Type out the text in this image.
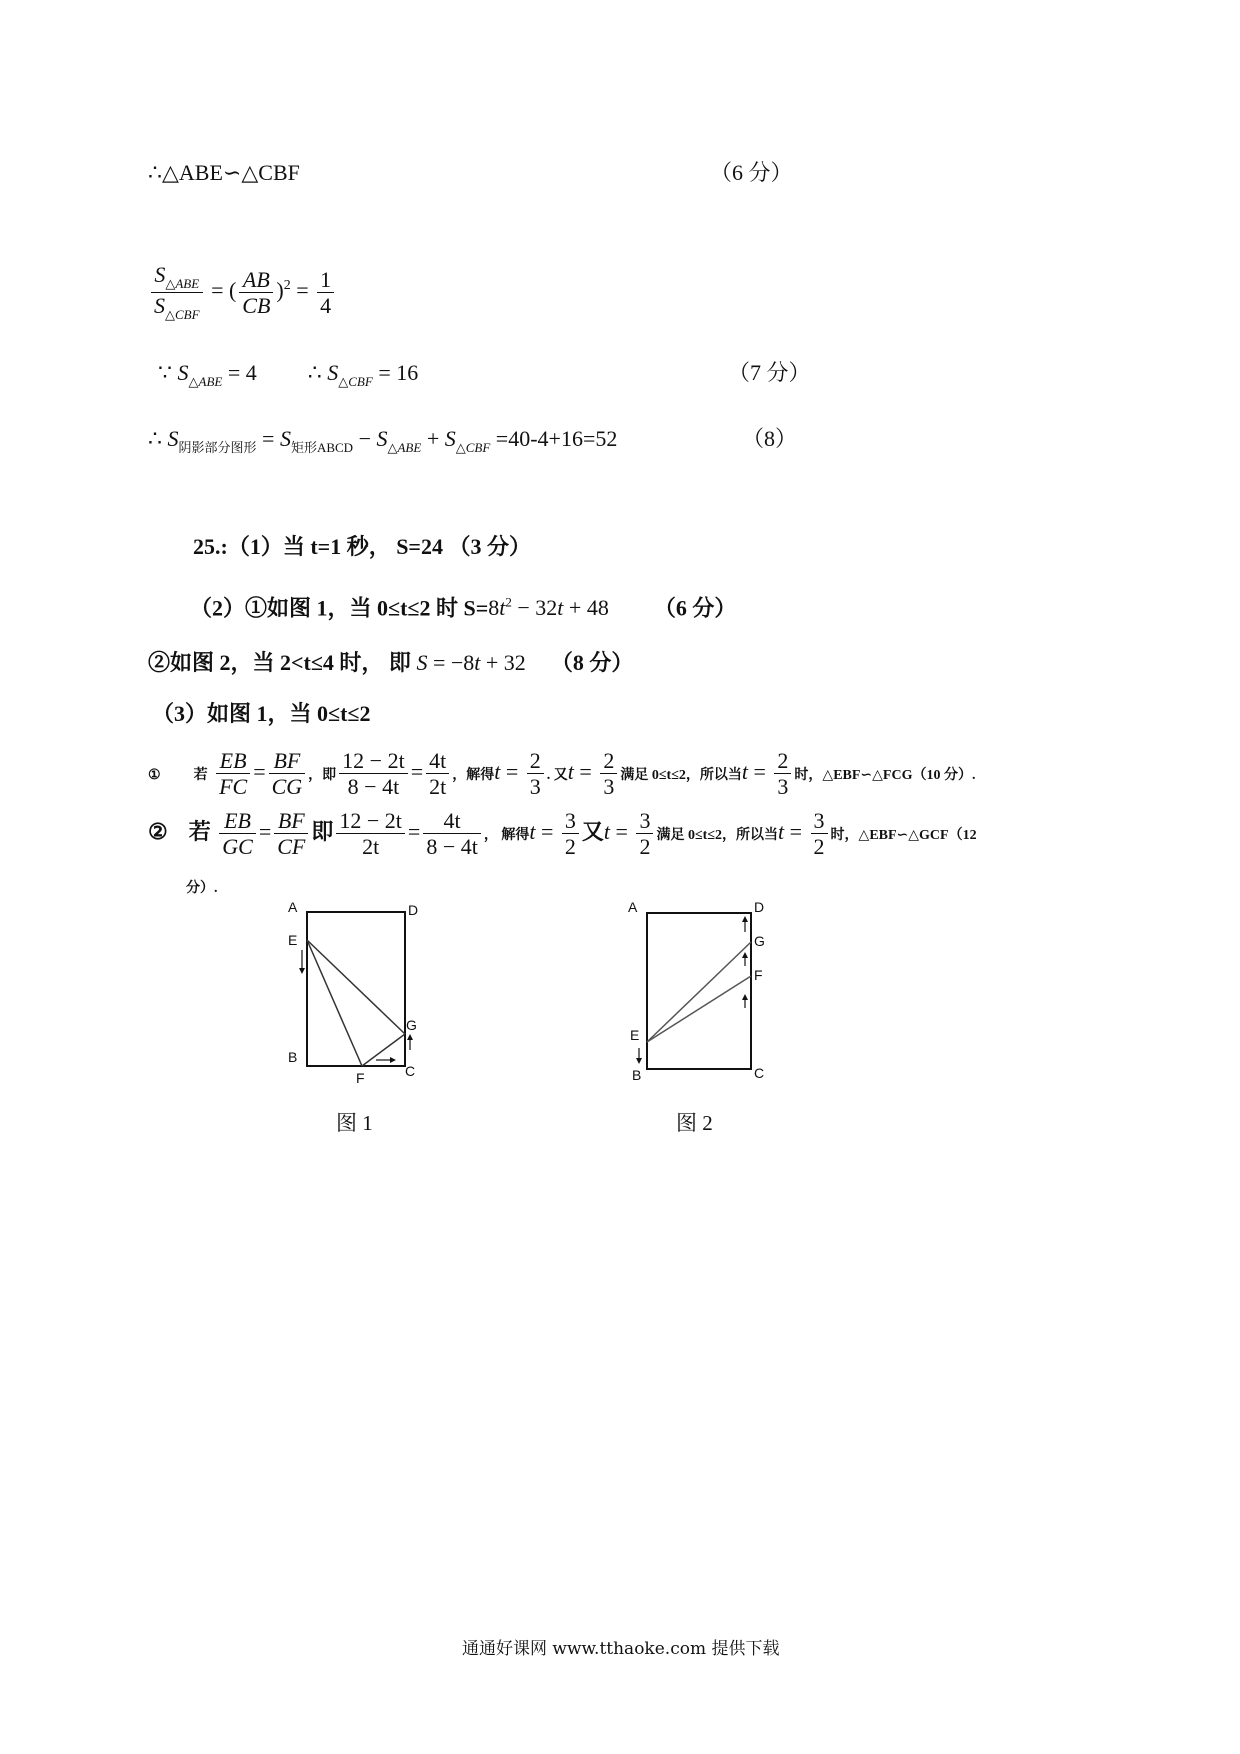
∴△ABE∽△CBF	（6 分）
$\frac{S_{\triangle ABE}}{S_{\triangle CBF}}$ = ( $\frac{AB}{CB} )^2 = \frac{1}{4}$
∵ $S_{\triangle ABE} = 4$ ∴ $S_{\triangle CBF} = 16$	（7 分）
∴ $S_{阴影部分图形} = S_{矩形ABCD} - S_{\triangle ABE} + S_{\triangle CBF} =40-4+16=52$	（8）
25.:（1）当 t=1 秒， S=24 （3 分）
（2）①如图 1，当 0≤t≤2 时 $S=8t^2 - 32t + 48$ （6 分）
②如图 2，当 2<t≤4 时， 即 S = −8t + 32 （8 分）
（3）如图 1，当 0≤t≤2
① 若 $\frac{EB}{FC} = \frac{BF}{CG}$ ，即 $\frac{12 - 2t}{8 - 4t} = \frac{4t}{2t}$ ，解得$t = \frac{2}{3}$ . 又$t = \frac{2}{3}$ 满足 0≤t≤2，所以当$t = \frac{2}{3}$ 时，△EBF∽△FCG（10 分）.
② 若 $\frac{EB}{GC} = \frac{BF}{CF}$ 即 $\frac{12 - 2t}{2t} = \frac{4t}{8 - 4t}$ ， 解得$t = \frac{3}{2}$ 又$t = \frac{3}{2}$ 满足 0≤t≤2，所以当$t = \frac{3}{2}$ 时，△EBF∽△GCF（12
分）.
A	D
E
B
F	C
G
图 1
A	D
G
F
E
B	C
图 2
通通好课网 www.tthaoke.com 提供下载
